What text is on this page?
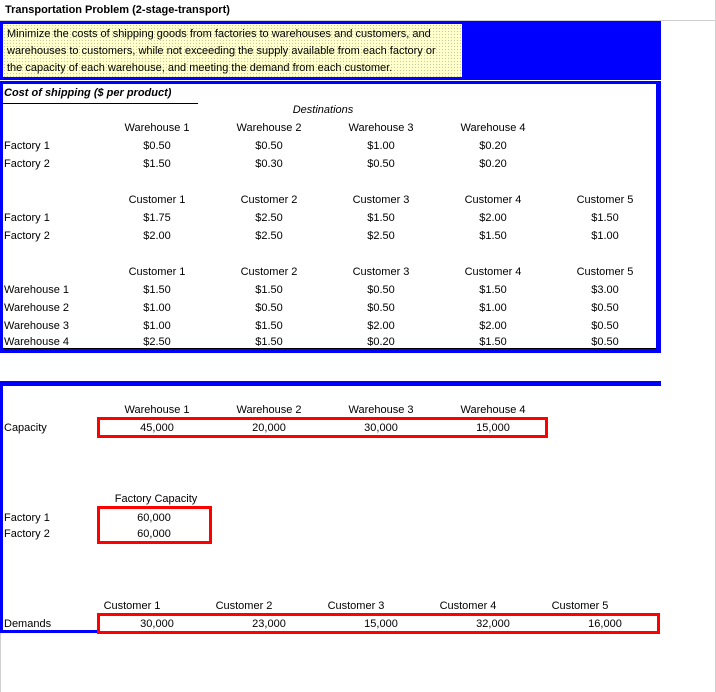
Transportation Problem (2-stage-transport)
Minimize the costs of shipping goods from factories to warehouses and customers, and
warehouses to customers, while not exceeding the supply available from each factory or
the capacity of each warehouse, and meeting the demand from each customer.
Cost of shipping ($ per product)
Destinations
Warehouse 1	Warehouse 2	Warehouse 3	Warehouse 4
Factory 1	$0.50	$0.50	$1.00	$0.20
Factory 2	$1.50	$0.30	$0.50	$0.20
Customer 1	Customer 2	Customer 3	Customer 4	Customer 5
Factory 1	$1.75	$2.50	$1.50	$2.00	$1.50
Factory 2	$2.00	$2.50	$2.50	$1.50	$1.00
Customer 1	Customer 2	Customer 3	Customer 4	Customer 5
Warehouse 1	$1.50	$1.50	$0.50	$1.50	$3.00
Warehouse 2	$1.00	$0.50	$0.50	$1.00	$0.50
Warehouse 3	$1.00	$1.50	$2.00	$2.00	$0.50
Warehouse 4	$2.50	$1.50	$0.20	$1.50	$0.50
Warehouse 1	Warehouse 2	Warehouse 3	Warehouse 4
Capacity	45,000	20,000	30,000	15,000
Factory Capacity
Factory 1	60,000
Factory 2	60,000
Customer 1	Customer 2	Customer 3	Customer 4	Customer 5
Demands	30,000	23,000	15,000	32,000	16,000
